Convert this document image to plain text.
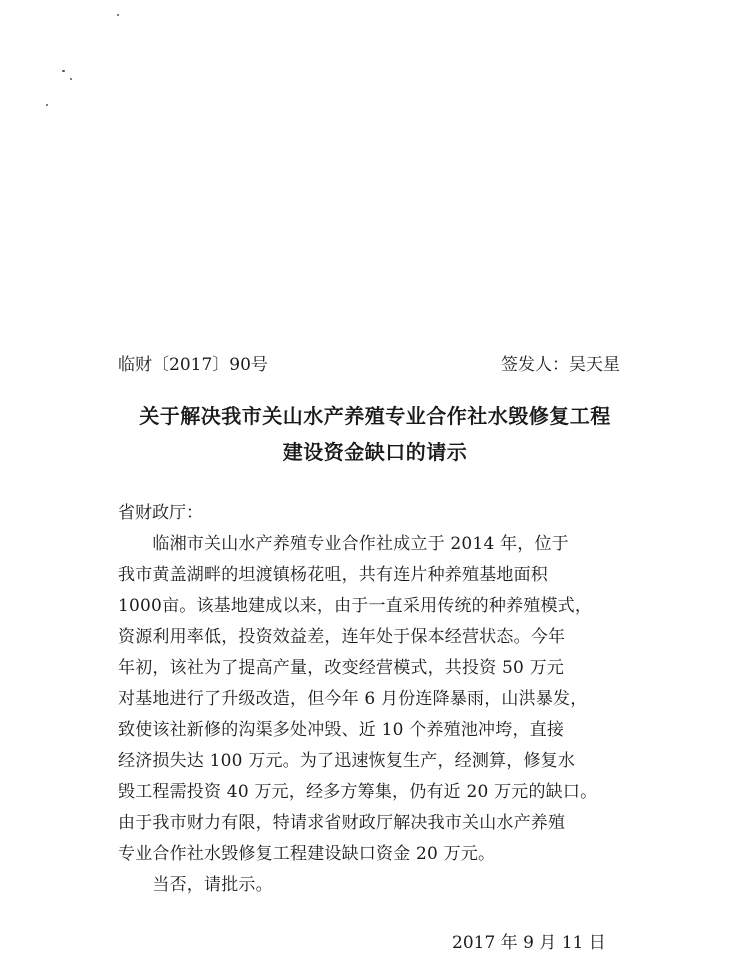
临财〔2017〕90号	签发人：吴天星
关于解决我市关山水产养殖专业合作社水毁修复工程
建设资金缺口的请示
省财政厅：
　　临湘市关山水产养殖专业合作社成立于 2014 年，位于
我市黄盖湖畔的坦渡镇杨花咀，共有连片种养殖基地面积
1000亩。该基地建成以来，由于一直采用传统的种养殖模式，
资源利用率低，投资效益差，连年处于保本经营状态。今年
年初，该社为了提高产量，改变经营模式，共投资 50 万元
对基地进行了升级改造，但今年 6 月份连降暴雨，山洪暴发，
致使该社新修的沟渠多处冲毁、近 10 个养殖池冲垮，直接
经济损失达 100 万元。为了迅速恢复生产，经测算，修复水
毁工程需投资 40 万元，经多方筹集，仍有近 20 万元的缺口。
由于我市财力有限，特请求省财政厅解决我市关山水产养殖
专业合作社水毁修复工程建设缺口资金 20 万元。
　　当否，请批示。
2017 年 9 月 11 日
